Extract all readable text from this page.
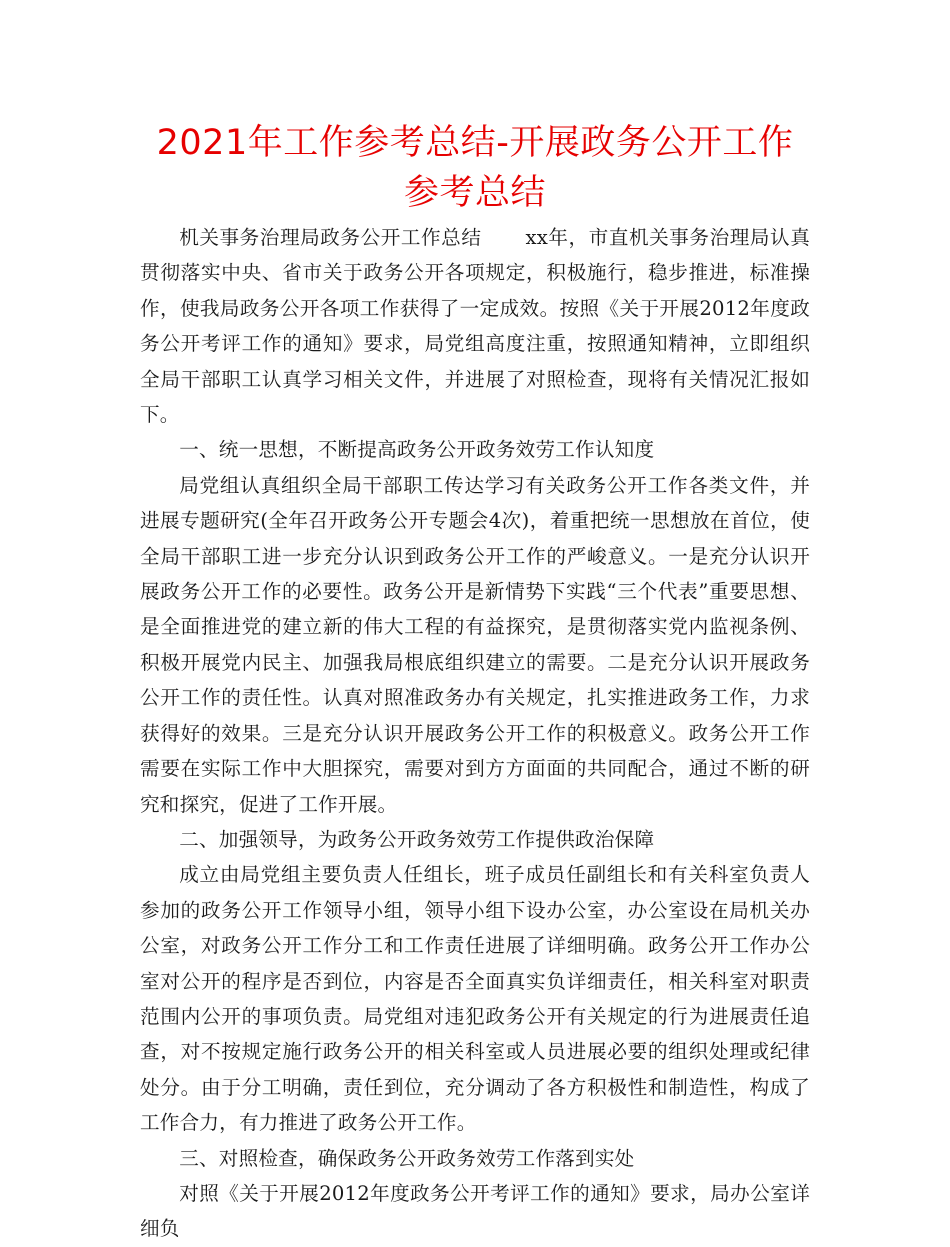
2021年工作参考总结-开展政务公开工作参考总结

机关事务治理局政务公开工作总结 xx年，市直机关事务治理局认真贯彻落实中央、省市关于政务公开各项规定，积极施行，稳步推进，标准操作，使我局政务公开各项工作获得了一定成效。按照《关于开展2012年度政务公开考评工作的通知》要求，局党组高度注重，按照通知精神，立即组织全局干部职工认真学习相关文件，并进展了对照检查，现将有关情况汇报如下。

一、统一思想，不断提高政务公开政务效劳工作认知度

局党组认真组织全局干部职工传达学习有关政务公开工作各类文件，并进展专题研究(全年召开政务公开专题会4次)，着重把统一思想放在首位，使全局干部职工进一步充分认识到政务公开工作的严峻意义。一是充分认识开展政务公开工作的必要性。政务公开是新情势下实践“三个代表”重要思想、是全面推进党的建立新的伟大工程的有益探究，是贯彻落实党内监视条例、积极开展党内民主、加强我局根底组织建立的需要。二是充分认识开展政务公开工作的责任性。认真对照准政务办有关规定，扎实推进政务工作，力求获得好的效果。三是充分认识开展政务公开工作的积极意义。政务公开工作需要在实际工作中大胆探究，需要对到方方面面的共同配合，通过不断的研究和探究，促进了工作开展。

二、加强领导，为政务公开政务效劳工作提供政治保障

成立由局党组主要负责人任组长，班子成员任副组长和有关科室负责人参加的政务公开工作领导小组，领导小组下设办公室，办公室设在局机关办公室，对政务公开工作分工和工作责任进展了详细明确。政务公开工作办公室对公开的程序是否到位，内容是否全面真实负详细责任，相关科室对职责范围内公开的事项负责。局党组对违犯政务公开有关规定的行为进展责任追查，对不按规定施行政务公开的相关科室或人员进展必要的组织处理或纪律处分。由于分工明确，责任到位，充分调动了各方积极性和制造性，构成了工作合力，有力推进了政务公开工作。

三、对照检查，确保政务公开政务效劳工作落到实处

对照《关于开展2012年度政务公开考评工作的通知》要求，局办公室详细负
